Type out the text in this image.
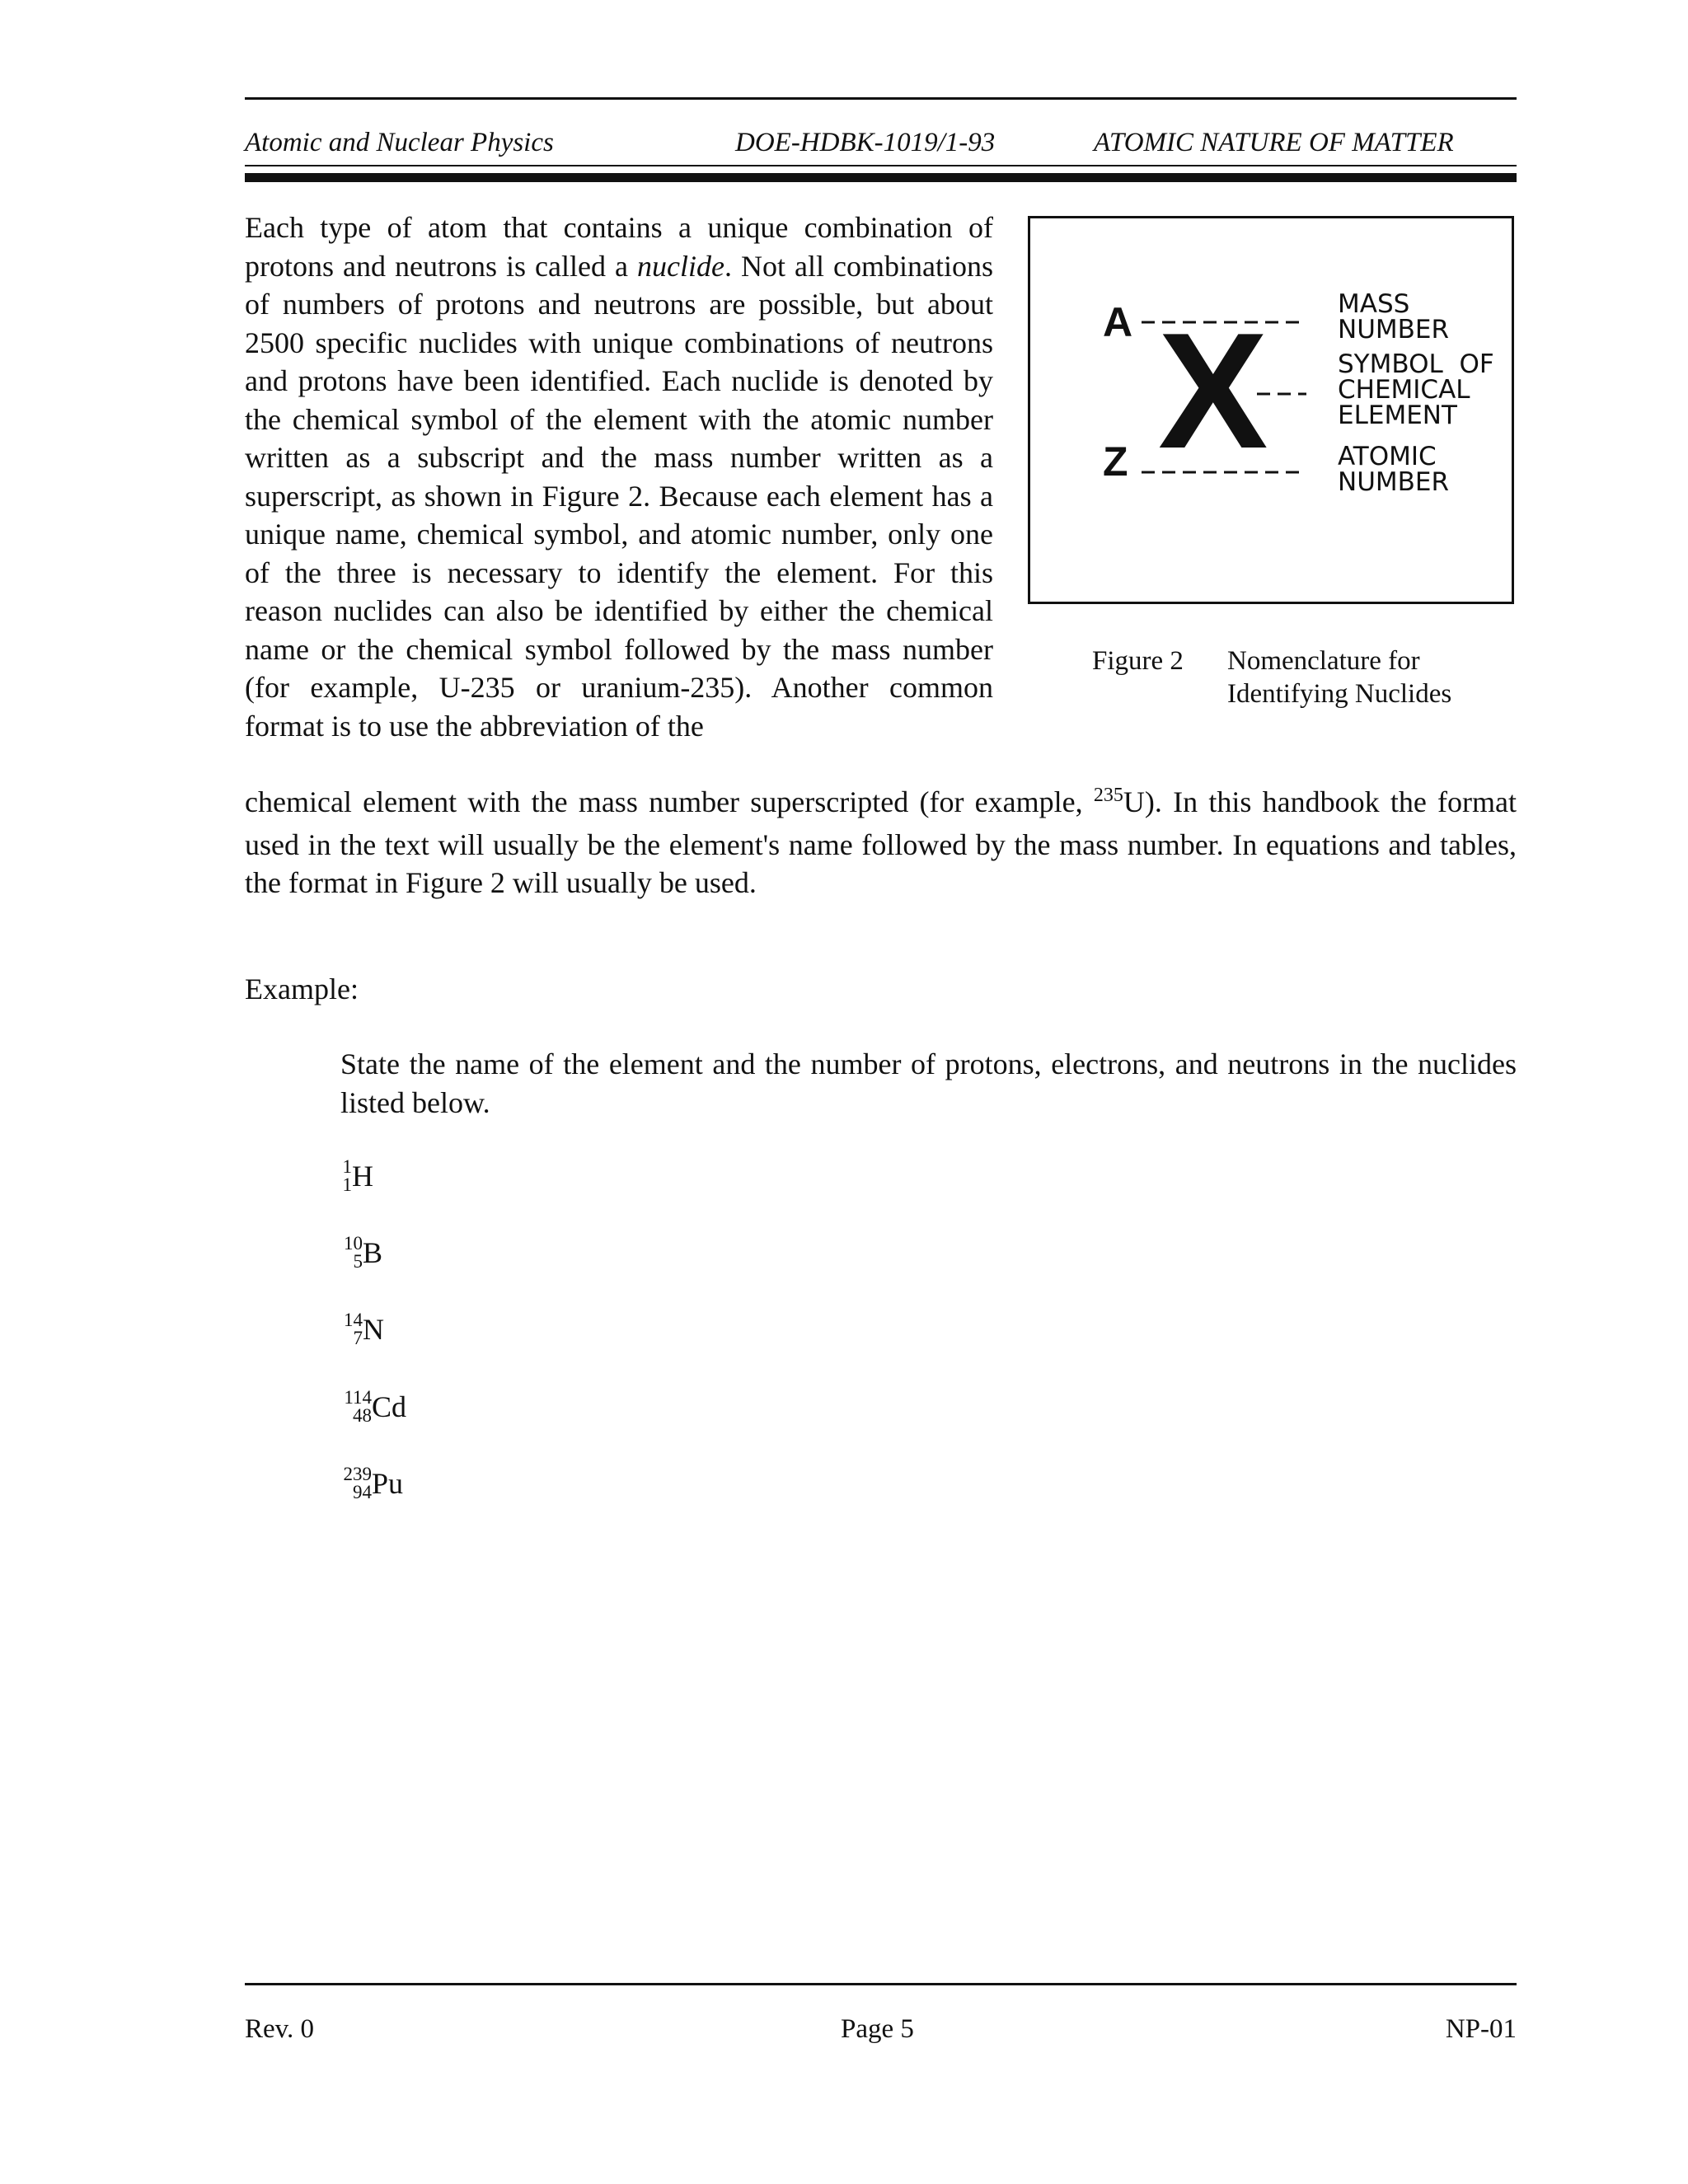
Atomic and Nuclear Physics	DOE-HDBK-1019/1-93	ATOMIC NATURE OF MATTER

Each type of atom that contains a unique combination of protons and neutrons is called a nuclide. Not all combinations of numbers of protons and neutrons are possible, but about 2500 specific nuclides with unique combinations of neutrons and protons have been identified. Each nuclide is denoted by the chemical symbol of the element with the atomic number written as a subscript and the mass number written as a superscript, as shown in Figure 2. Because each element has a unique name, chemical symbol, and atomic number, only one of the three is necessary to identify the element. For this reason nuclides can also be identified by either the chemical name or the chemical symbol followed by the mass number (for example, U-235 or uranium-235). Another common format is to use the abbreviation of the

chemical element with the mass number superscripted (for example, $^{235}$U). In this handbook the format used in the text will usually be the element's name followed by the mass number. In equations and tables, the format in Figure 2 will usually be used.

A X
Z
MASS
NUMBER
SYMBOL  OF
CHEMICAL
ELEMENT
ATOMIC
NUMBER
Figure 2 Nomenclature for
Identifying Nuclides
Example:

State the name of the element and the number of protons, electrons, and neutrons in the nuclides listed below.

1
1 H
10
5 B
14
7 N
114
48 Cd
239
94 Pu
Rev. 0	Page 5	NP-01
